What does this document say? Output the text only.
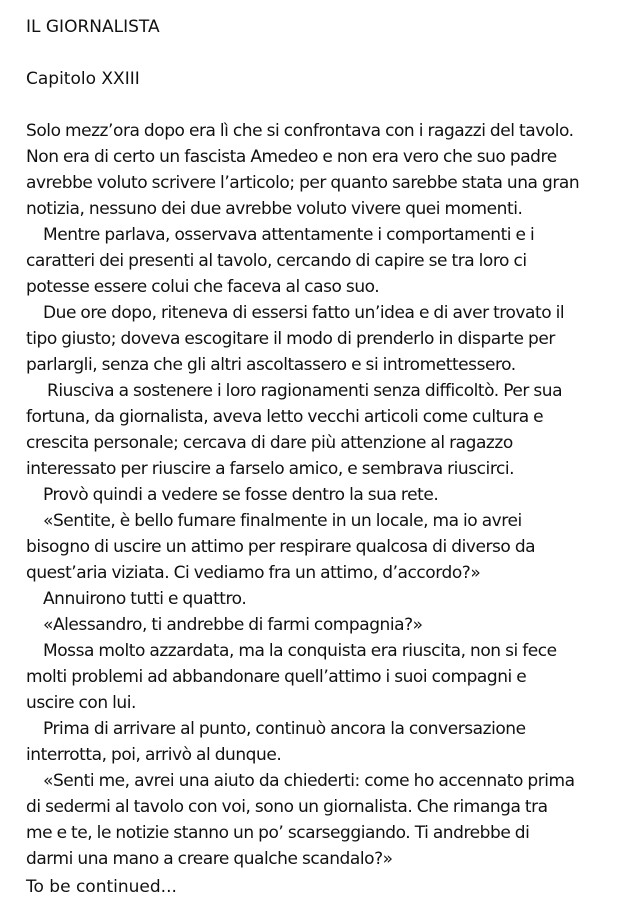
IL GIORNALISTA
Capitolo XXIII
Solo mezz’ora dopo era lì che si confrontava con i ragazzi del tavolo.
Non era di certo un fascista Amedeo e non era vero che suo padre
avrebbe voluto scrivere l’articolo; per quanto sarebbe stata una gran
notizia, nessuno dei due avrebbe voluto vivere quei momenti.
Mentre parlava, osservava attentamente i comportamenti e i
caratteri dei presenti al tavolo, cercando di capire se tra loro ci
potesse essere colui che faceva al caso suo.
Due ore dopo, riteneva di essersi fatto un’idea e di aver trovato il
tipo giusto; doveva escogitare il modo di prenderlo in disparte per
parlargli, senza che gli altri ascoltassero e si intromettessero.
Riusciva a sostenere i loro ragionamenti senza difficoltò. Per sua
fortuna, da giornalista, aveva letto vecchi articoli come cultura e
crescita personale; cercava di dare più attenzione al ragazzo
interessato per riuscire a farselo amico, e sembrava riuscirci.
Provò quindi a vedere se fosse dentro la sua rete.
«Sentite, è bello fumare finalmente in un locale, ma io avrei
bisogno di uscire un attimo per respirare qualcosa di diverso da
quest’aria viziata. Ci vediamo fra un attimo, d’accordo?»
Annuirono tutti e quattro.
«Alessandro, ti andrebbe di farmi compagnia?»
Mossa molto azzardata, ma la conquista era riuscita, non si fece
molti problemi ad abbandonare quell’attimo i suoi compagni e
uscire con lui.
Prima di arrivare al punto, continuò ancora la conversazione
interrotta, poi, arrivò al dunque.
«Senti me, avrei una aiuto da chiederti: come ho accennato prima
di sedermi al tavolo con voi, sono un giornalista. Che rimanga tra
me e te, le notizie stanno un po’ scarseggiando. Ti andrebbe di
darmi una mano a creare qualche scandalo?»

To be continued...
